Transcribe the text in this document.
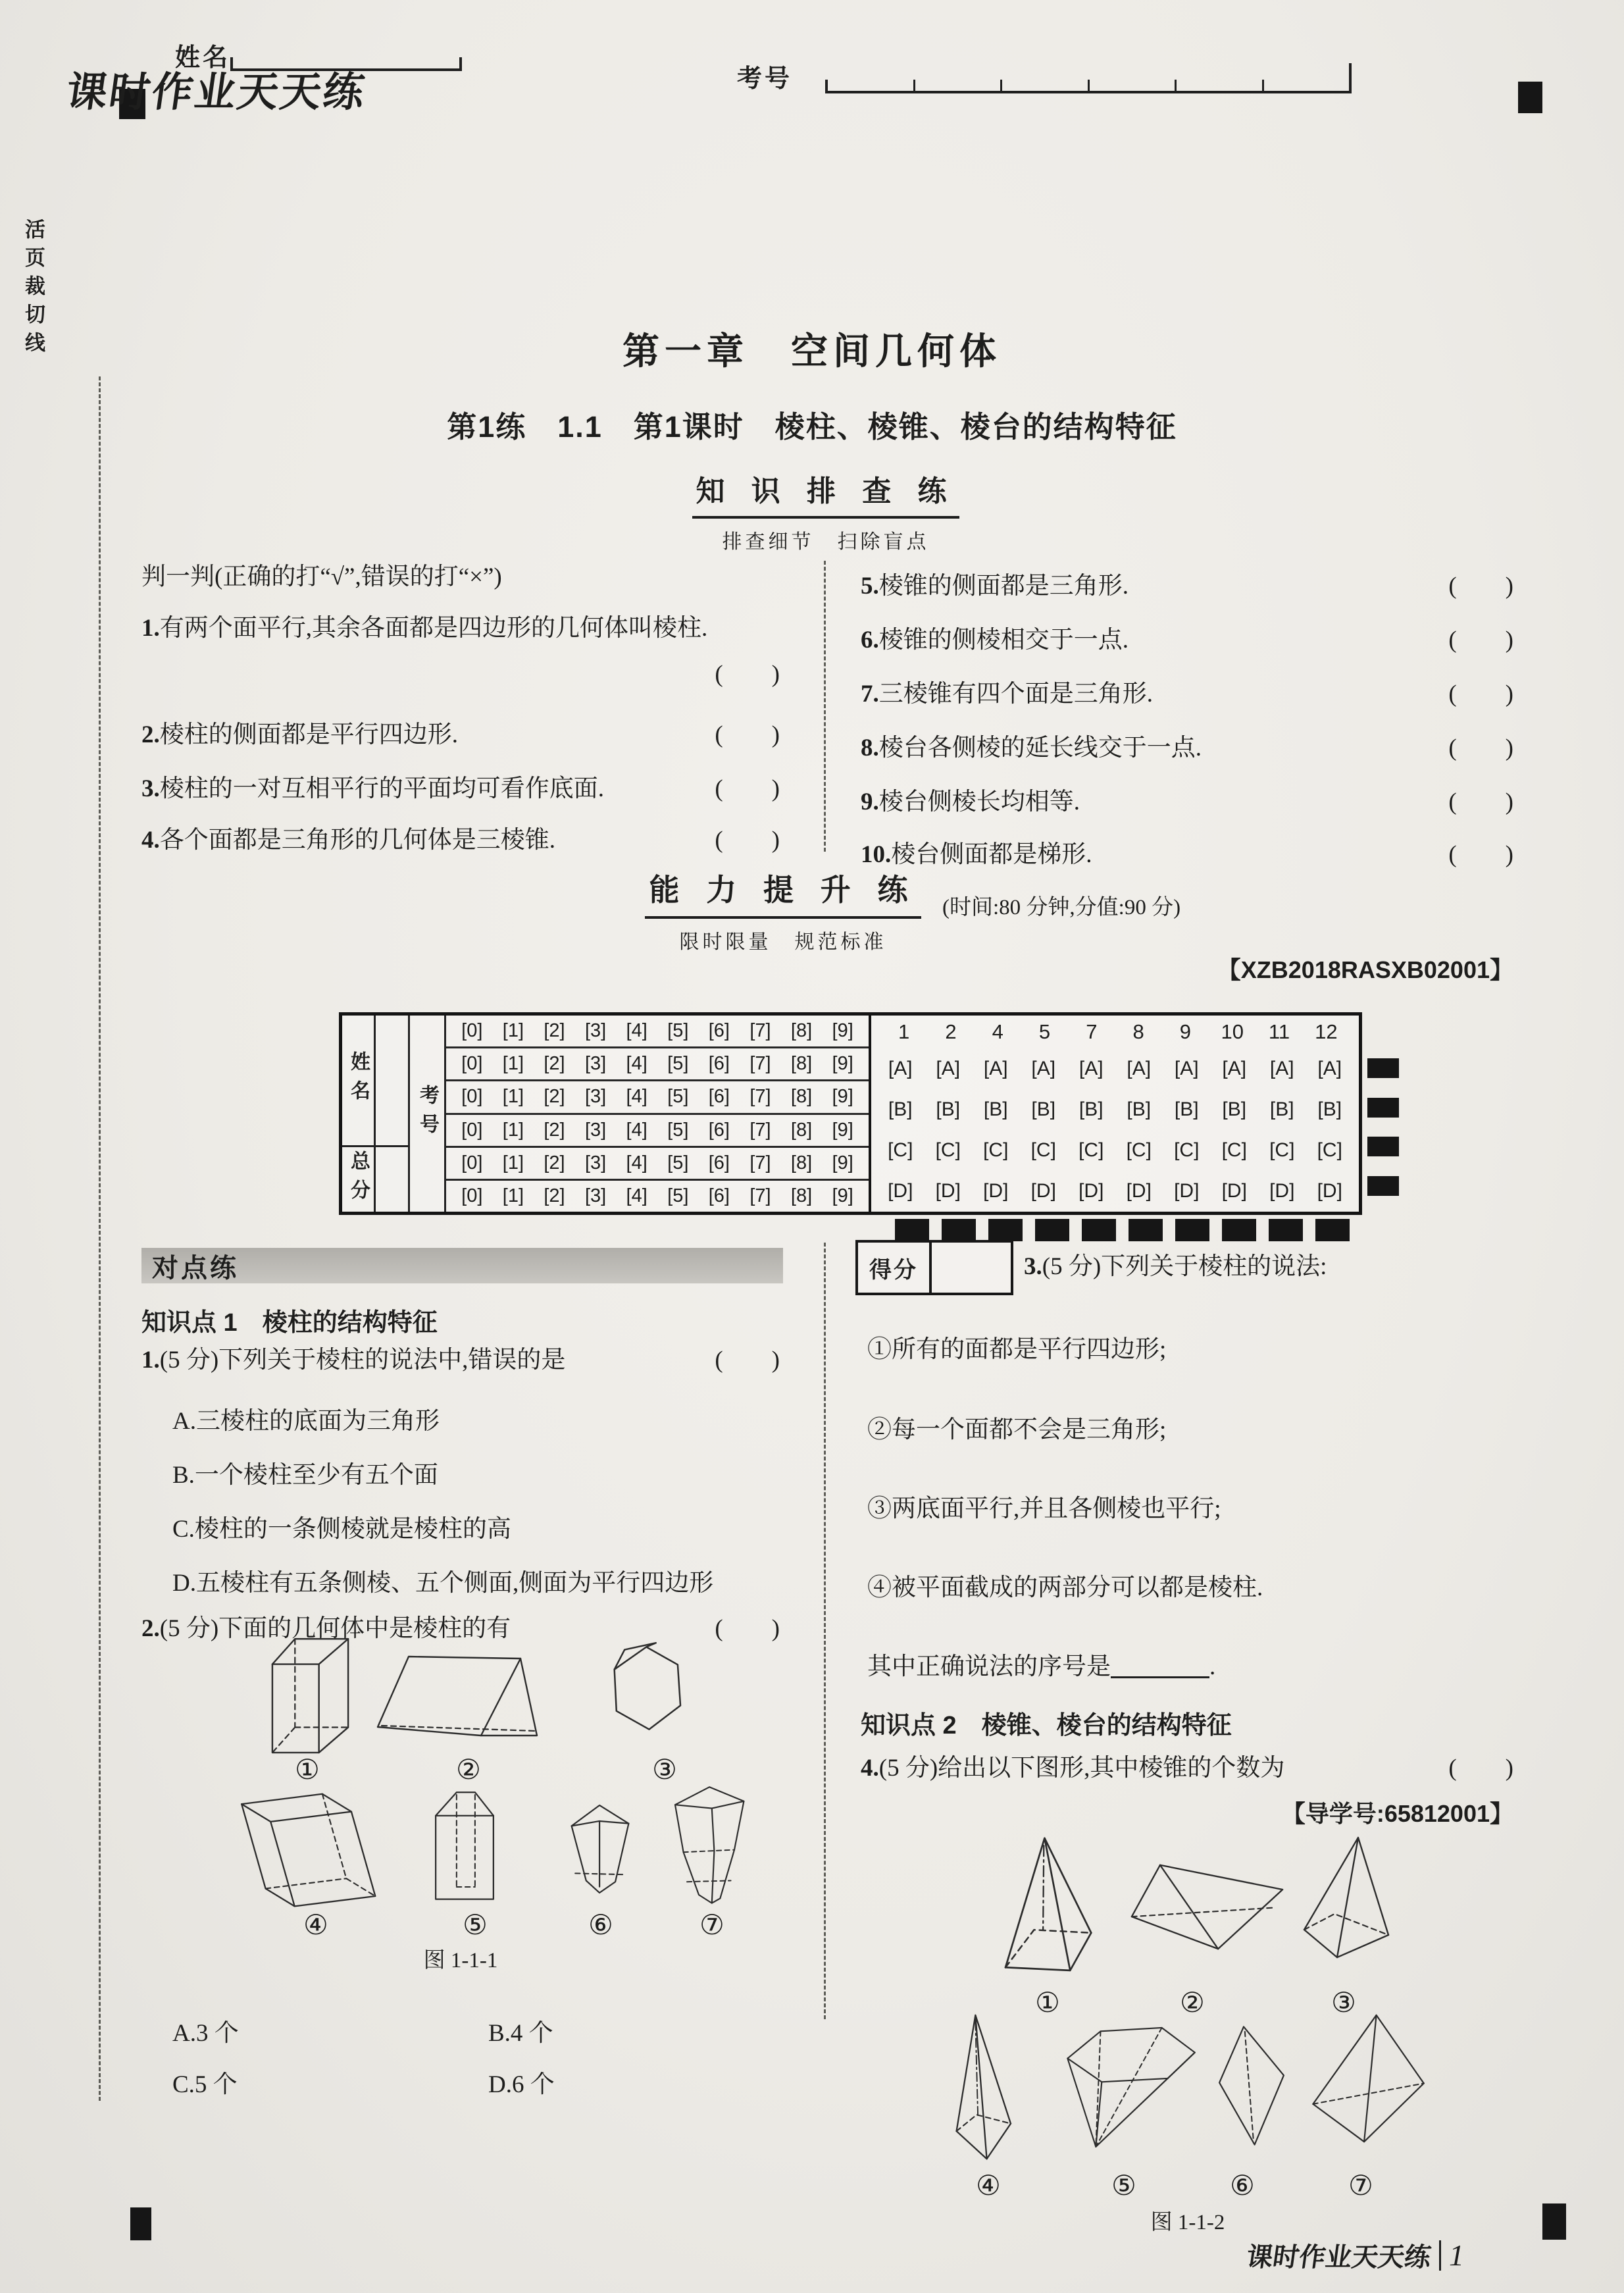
活页裁切线
姓名
考号
课时作业天天练
第一章　空间几何体
第1练　1.1　第1课时　棱柱、棱锥、棱台的结构特征
知 识 排 查 练
排查细节　扫除盲点
判一判(正确的打“√”,错误的打“×”)
1.有两个面平行,其余各面都是四边形的几何体叫棱柱.
(　　)
2.棱柱的侧面都是平行四边形.	(　　)
3.棱柱的一对互相平行的平面均可看作底面.	(　　)
4.各个面都是三角形的几何体是三棱锥.	(　　)
5.棱锥的侧面都是三角形.	(　　)
6.棱锥的侧棱相交于一点.	(　　)
7.三棱锥有四个面是三角形.	(　　)
8.棱台各侧棱的延长线交于一点.	(　　)
9.棱台侧棱长均相等.	(　　)
10.棱台侧面都是梯形.	(　　)
能 力 提 升 练
限时限量　规范标准
(时间:80 分钟,分值:90 分)
【XZB2018RASXB02001】
姓名
总分
考号
[0] [1] [2] [3] [4] [5] [6] [7] [8] [9]
[0] [1] [2] [3] [4] [5] [6] [7] [8] [9]
[0] [1] [2] [3] [4] [5] [6] [7] [8] [9]
[0] [1] [2] [3] [4] [5] [6] [7] [8] [9]
[0] [1] [2] [3] [4] [5] [6] [7] [8] [9]
[0] [1] [2] [3] [4] [5] [6] [7] [8] [9]
1	2	4	5	7	8	9	10	11	12
[A]	[A]	[A]	[A]	[A]	[A]	[A]	[A]	[A]	[A]
[B]	[B]	[B]	[B]	[B]	[B]	[B]	[B]	[B]	[B]
[C]	[C]	[C]	[C]	[C]	[C]	[C]	[C]	[C]	[C]
[D]	[D]	[D]	[D]	[D]	[D]	[D]	[D]	[D]	[D]
对点练
知识点 1　 棱柱的结构特征
1.(5 分)下列关于棱柱的说法中,错误的是	(　　)
A.三棱柱的底面为三角形
B.一个棱柱至少有五个面
C.棱柱的一条侧棱就是棱柱的高
D.五棱柱有五条侧棱、五个侧面,侧面为平行四边形
2.(5 分)下面的几何体中是棱柱的有	(　　)
①	②	③
④	⑤	⑥	⑦
图 1-1-1
A.3 个	B.4 个
C.5 个	D.6 个
得分	3.(5 分)下列关于棱柱的说法:
①所有的面都是平行四边形;
②每一个面都不会是三角形;
③两底面平行,并且各侧棱也平行;
④被平面截成的两部分可以都是棱柱.
其中正确说法的序号是	.
知识点 2　 棱锥、棱台的结构特征
4.(5 分)给出以下图形,其中棱锥的个数为	(　　)
【导学号:65812001】
①	②	③
④	⑤	⑥	⑦
图 1-1-2
课时作业天天练 1
